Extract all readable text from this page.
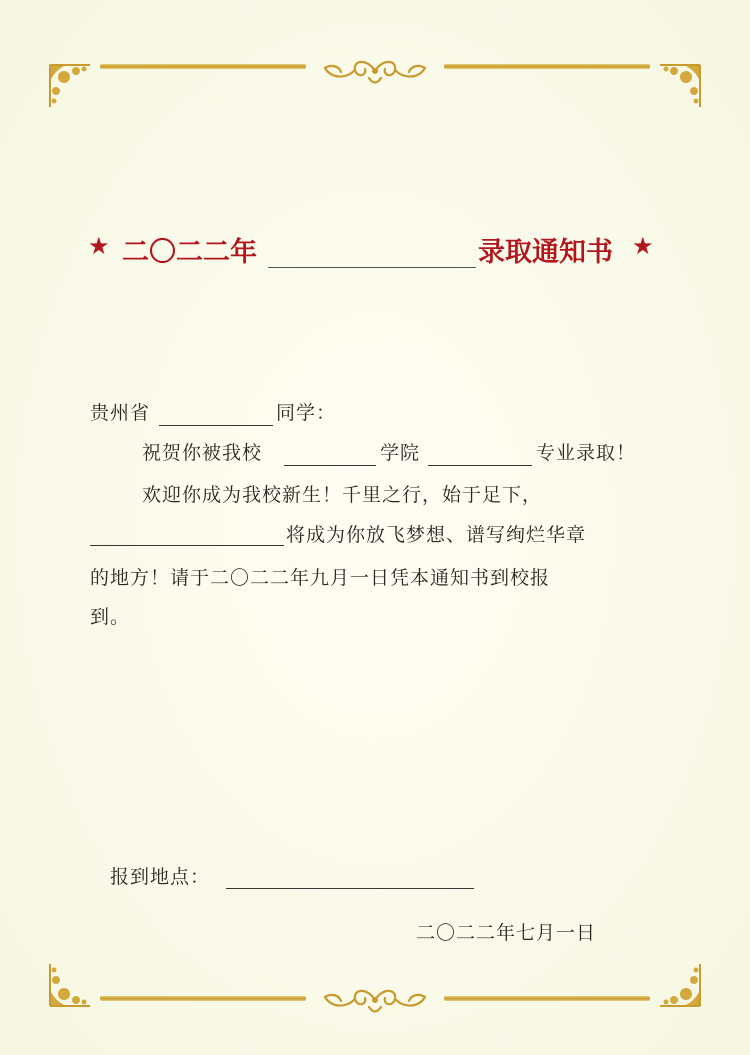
★ 二〇二二年	录取通知书 ★
贵州省	同学：
祝贺你被我校	学院	专业录取！
欢迎你成为我校新生！千里之行，始于足下，
将成为你放飞梦想、谱写绚烂华章
的地方！请于二〇二二年九月一日凭本通知书到校报
到。
报到地点：
二〇二二年七月一日
